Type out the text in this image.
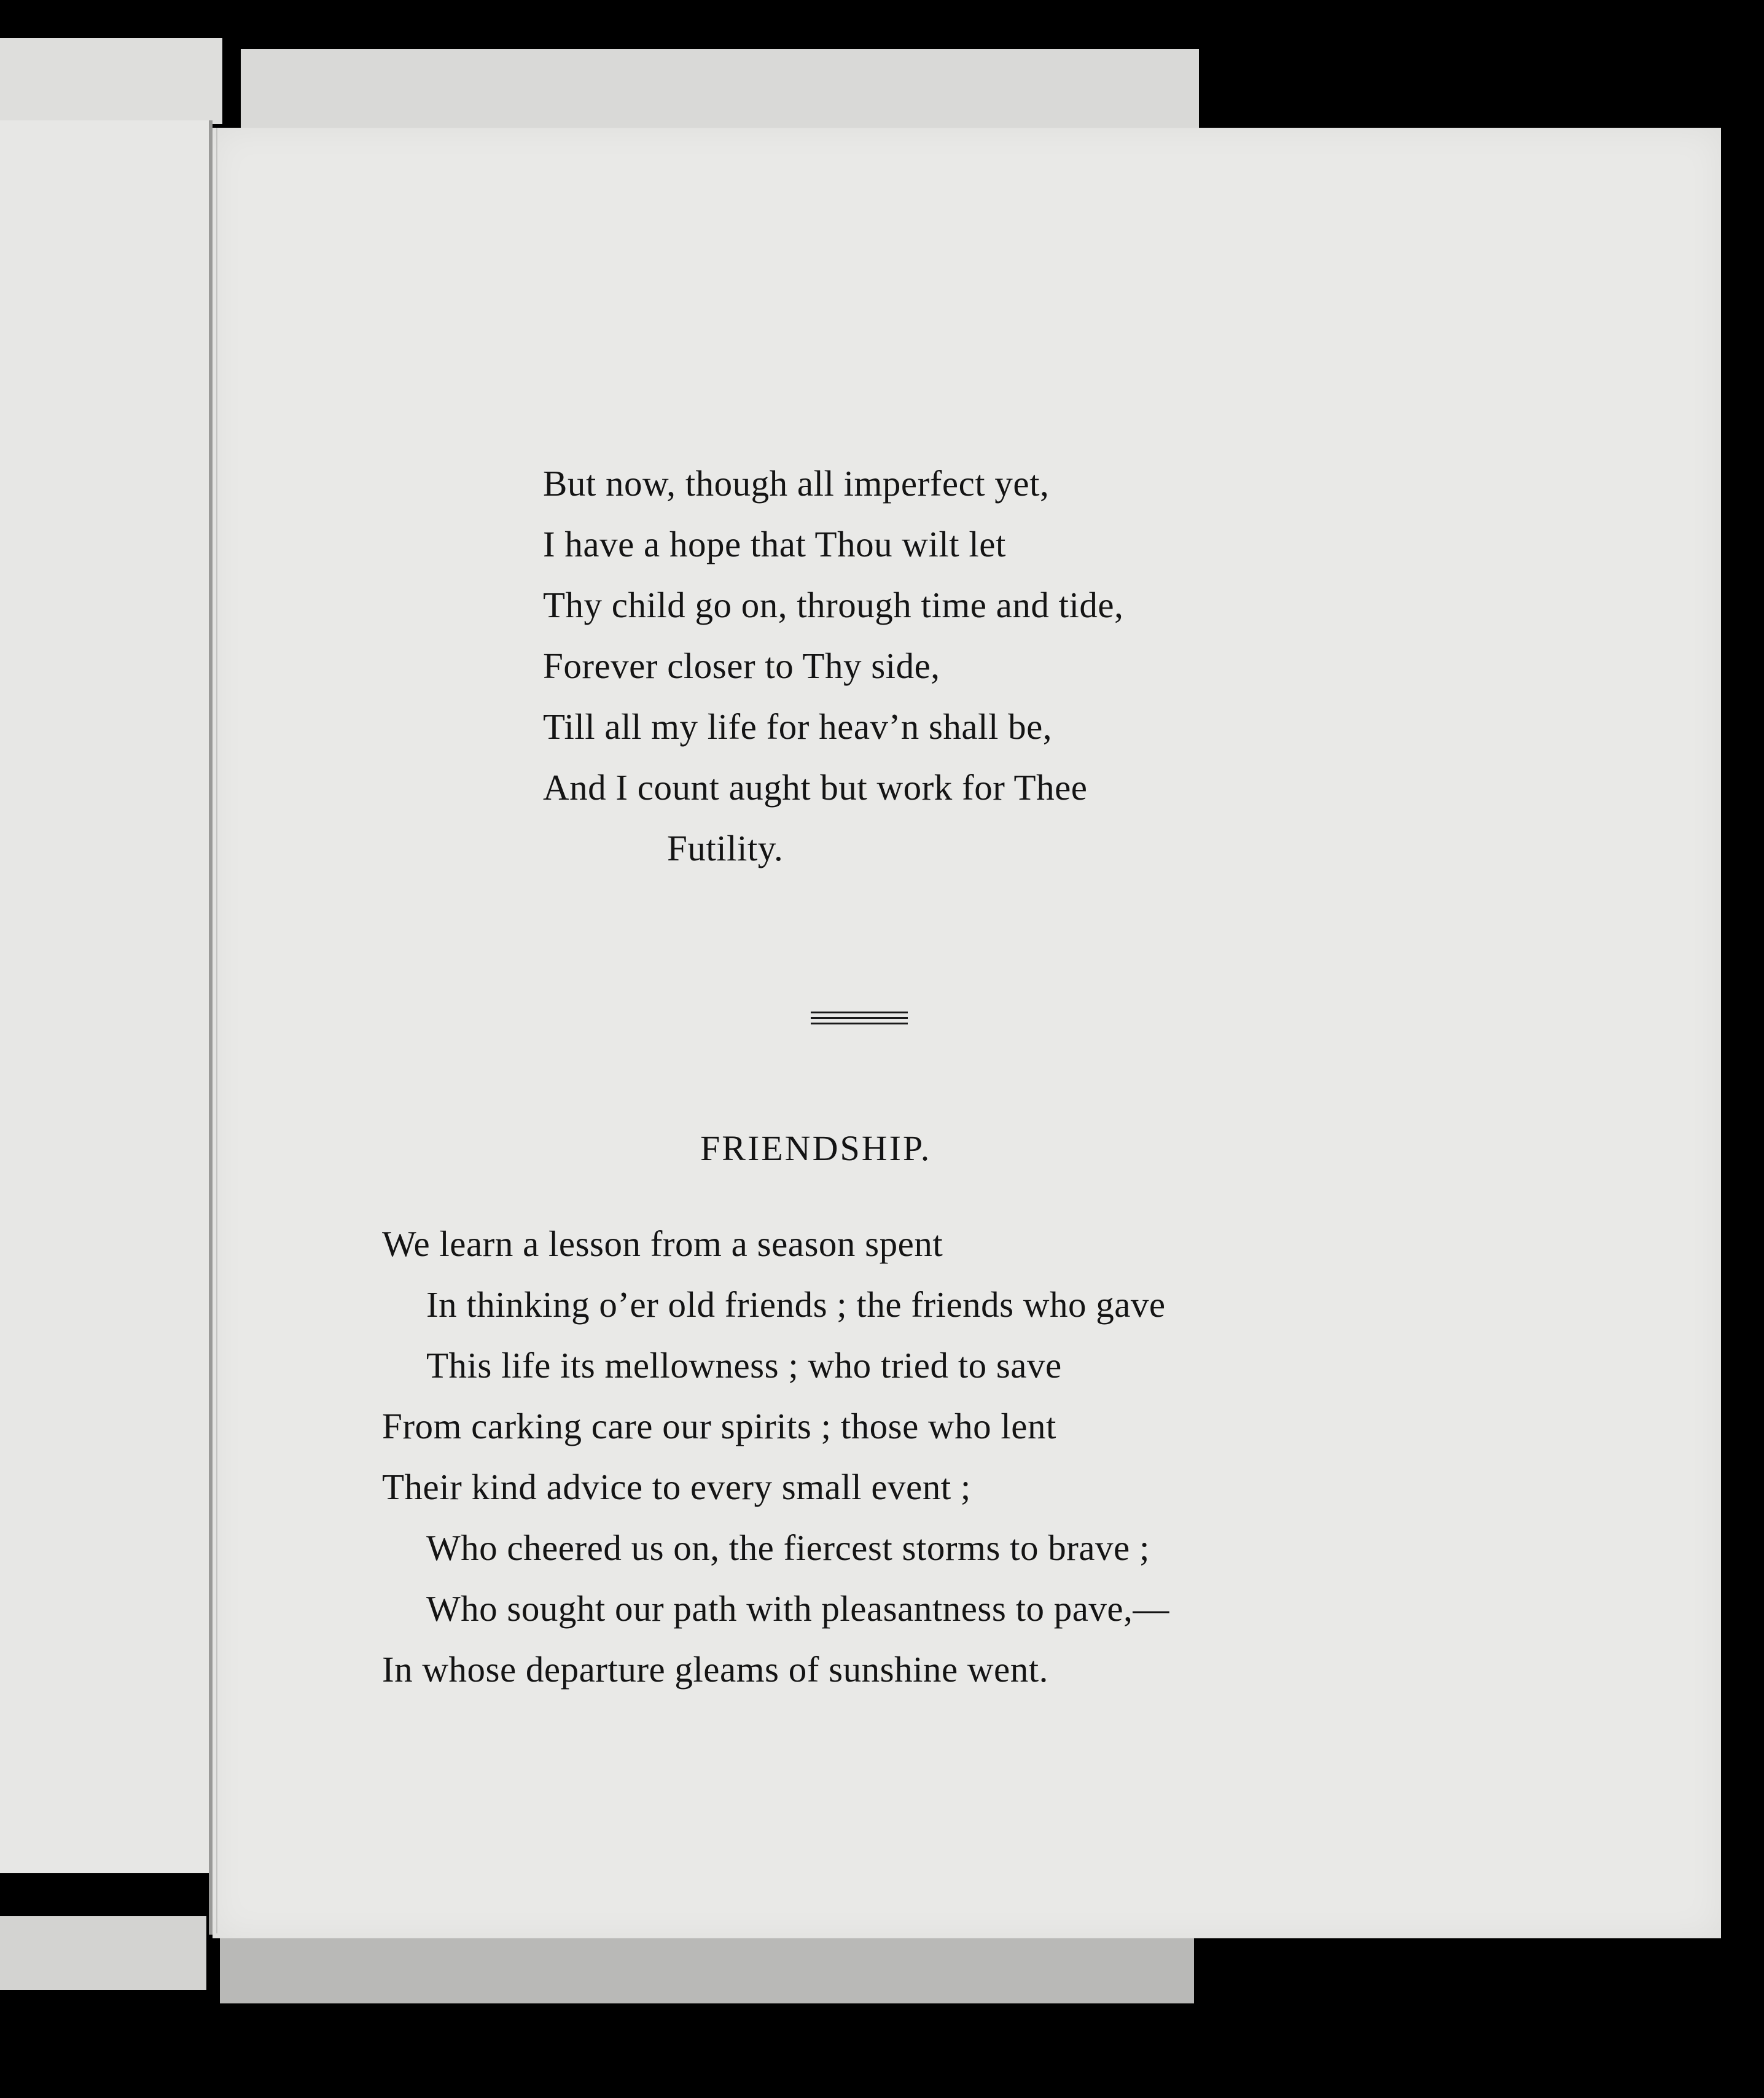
But now, though all imperfect yet,
I have a hope that Thou wilt let
Thy child go on, through time and tide,
Forever closer to Thy side,
Till all my life for heav’n shall be,
And I count aught but work for Thee
Futility.
FRIENDSHIP.
We learn a lesson from a season spent
In thinking o’er old friends ; the friends who gave
This life its mellowness ; who tried to save
From carking care our spirits ; those who lent
Their kind advice to every small event ;
Who cheered us on, the fiercest storms to brave ;
Who sought our path with pleasantness to pave,—
In whose departure gleams of sunshine went.
